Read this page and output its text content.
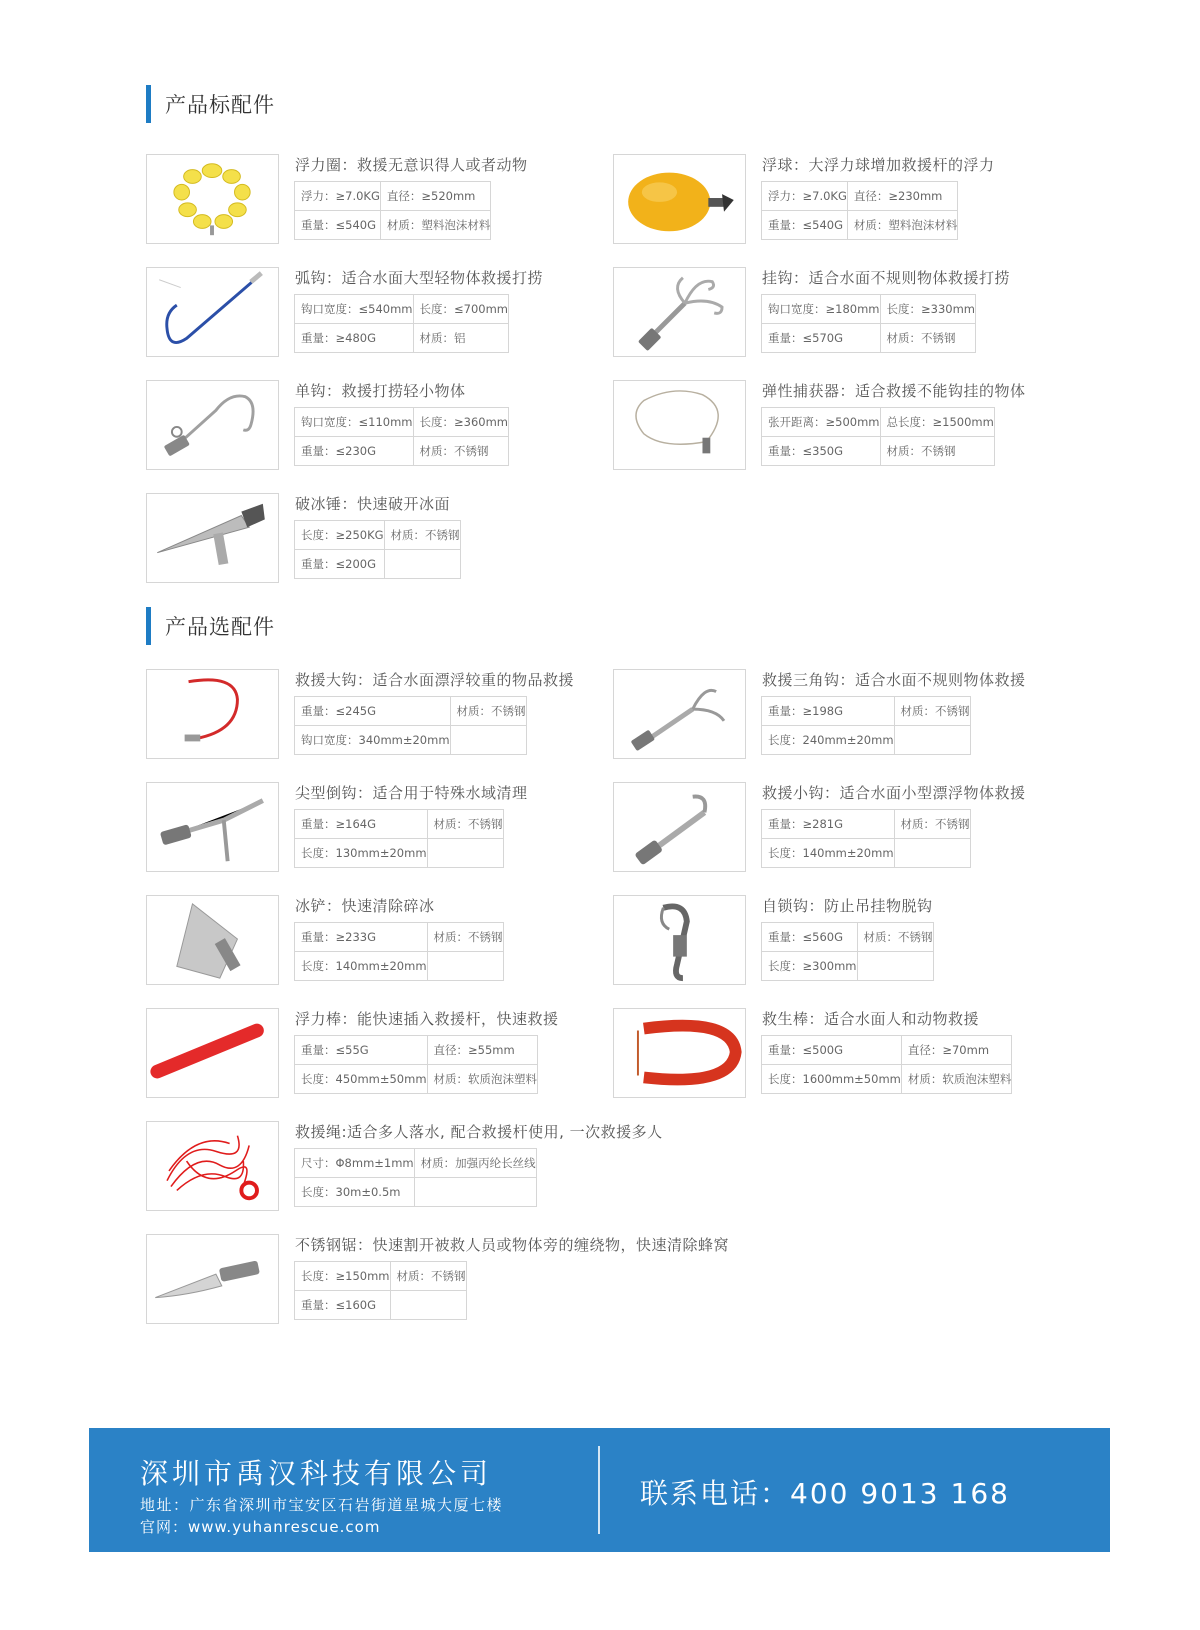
产品标配件
浮力圈：救援无意识得人或者动物
浮力：≥7.0KG	直径：≥520mm
重量：≤540G	材质：塑料泡沫材料
浮球：大浮力球增加救援杆的浮力
浮力：≥7.0KG	直径：≥230mm
重量：≤540G	材质：塑料泡沫材料
弧钩：适合水面大型轻物体救援打捞
钩口宽度：≤540mm	长度：≤700mm
重量：≥480G	材质：铝
挂钩：适合水面不规则物体救援打捞
钩口宽度：≥180mm	长度：≥330mm
重量：≤570G	材质：不锈钢
单钩：救援打捞轻小物体
钩口宽度：≤110mm	长度：≥360mm
重量：≤230G	材质：不锈钢
弹性捕获器：适合救援不能钩挂的物体
张开距离：≥500mm	总长度：≥1500mm
重量：≤350G	材质：不锈钢
破冰锤：快速破开冰面
长度：≥250KG	材质：不锈钢
重量：≤200G	
产品选配件
救援大钩：适合水面漂浮较重的物品救援
重量：≤245G	材质：不锈钢
钩口宽度：340mm±20mm	
救援三角钩：适合水面不规则物体救援
重量：≥198G	材质：不锈钢
长度：240mm±20mm	
尖型倒钩：适合用于特殊水域清理
重量：≥164G	材质：不锈钢
长度：130mm±20mm	
救援小钩：适合水面小型漂浮物体救援
重量：≥281G	材质：不锈钢
长度：140mm±20mm	
冰铲：快速清除碎冰
重量：≥233G	材质：不锈钢
长度：140mm±20mm	
自锁钩：防止吊挂物脱钩
重量：≤560G	材质：不锈钢
长度：≥300mm	
浮力棒：能快速插入救援杆，快速救援
重量：≤55G	直径：≥55mm
长度：450mm±50mm	材质：软质泡沫塑料
救生棒：适合水面人和动物救援
重量：≤500G	直径：≥70mm
长度：1600mm±50mm	材质：软质泡沫塑料
救援绳:适合多人落水, 配合救援杆使用, 一次救援多人
尺寸：Φ8mm±1mm	材质：加强丙纶长丝线
长度：30m±0.5m	
不锈钢锯：快速割开被救人员或物体旁的缠绕物，快速清除蜂窝
长度：≥150mm	材质：不锈钢
重量：≤160G	
深圳市禹汉科技有限公司
地址：广东省深圳市宝安区石岩街道星城大厦七楼
官网：www.yuhanrescue.com
联系电话：400 9013 168
